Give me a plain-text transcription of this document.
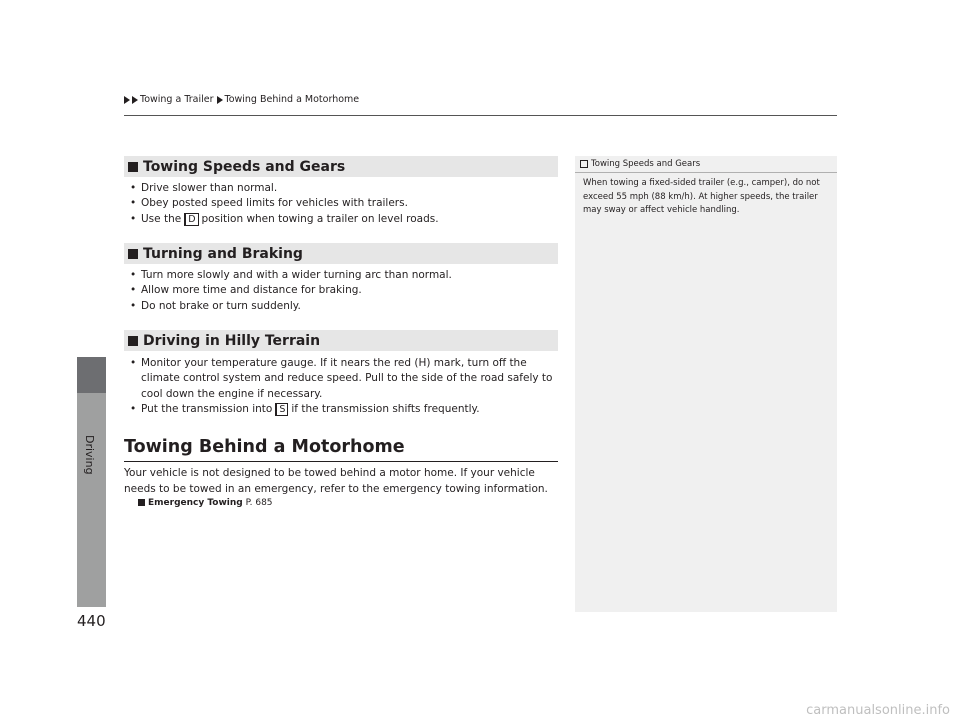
Towing a Trailer Towing Behind a Motorhome
Driving
440
Towing Speeds and Gears
• Drive slower than normal.
• Obey posted speed limits for vehicles with trailers.
• Use the D position when towing a trailer on level roads.
Turning and Braking
• Turn more slowly and with a wider turning arc than normal.
• Allow more time and distance for braking.
• Do not brake or turn suddenly.
Driving in Hilly Terrain
• Monitor your temperature gauge. If it nears the red (H) mark, turn off the climate control system and reduce speed. Pull to the side of the road safely to cool down the engine if necessary.
• Put the transmission into S if the transmission shifts frequently.
Towing Behind a Motorhome
Your vehicle is not designed to be towed behind a motor home. If your vehicle needs to be towed in an emergency, refer to the emergency towing information.
Emergency Towing P. 685
Towing Speeds and Gears
When towing a fixed-sided trailer (e.g., camper), do not exceed 55 mph (88 km/h). At higher speeds, the trailer may sway or affect vehicle handling.
carmanualsonline.info
